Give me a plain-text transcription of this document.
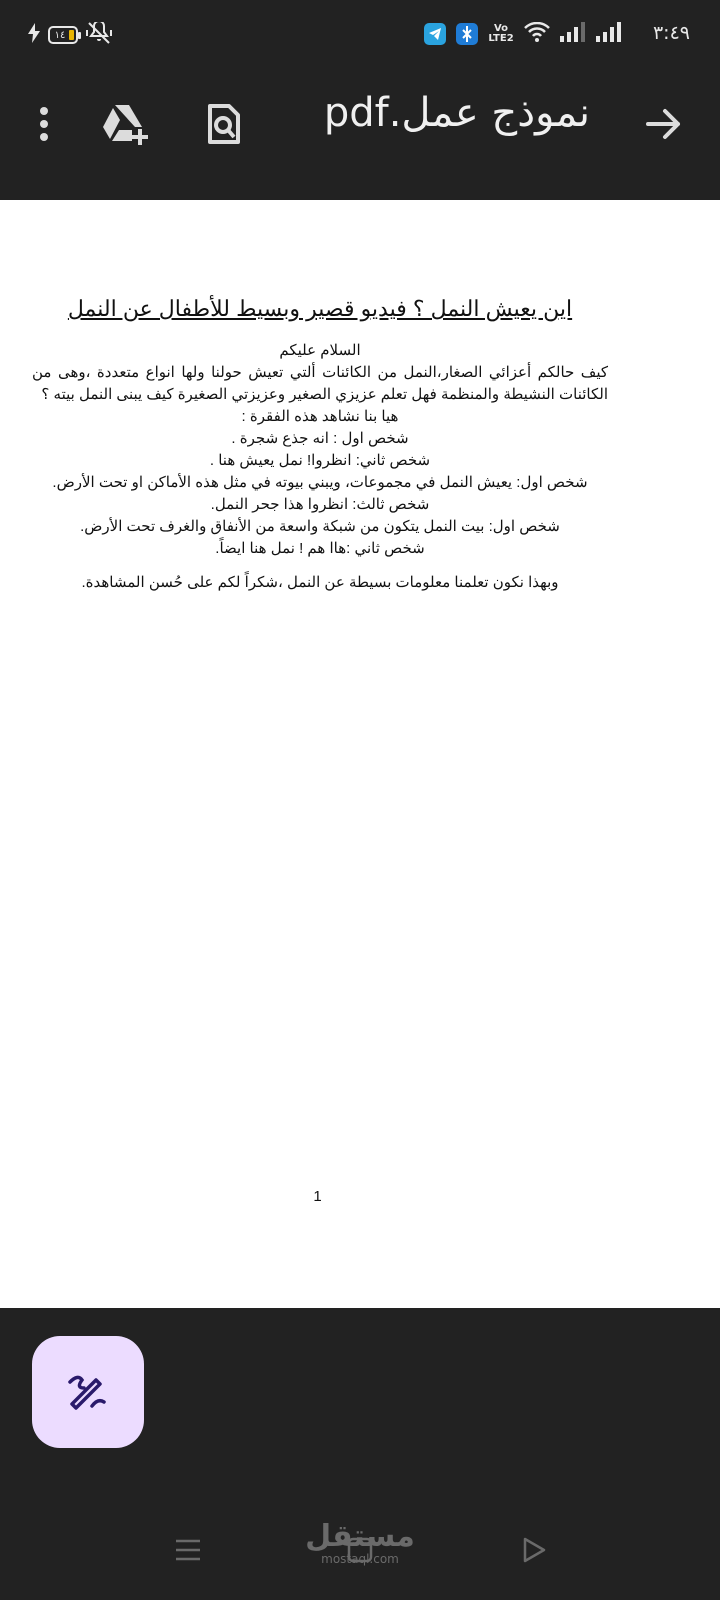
١٤
Vo LTE2	٣:٤٩
نموذج عمل.pdf
اين يعيش النمل ؟ فيديو قصير وبسيط للأطفال عن النمل
السلام عليكم
كيف حالكم أعزائي الصغار،النمل من الكائنات ألتي تعيش حولنا ولها انواع متعددة ،وهى من الكائنات النشيطة والمنظمة فهل تعلم عزيزي الصغير وعزيزتي الصغيرة كيف يبنى النمل بيته ؟
هيا بنا نشاهد هذه الفقرة :
شخص اول : انه جذع شجرة .
شخص ثاني: انظروا! نمل يعيش هنا .
شخص اول: يعيش النمل في مجموعات، ويبني بيوته في مثل هذه الأماكن او تحت الأرض.
شخص ثالث: انظروا هذا جحر النمل.
شخص اول: بيت النمل يتكون من شبكة واسعة من الأنفاق والغرف تحت الأرض.
شخص ثاني :هاا هم ! نمل هنا ايضاً.
وبهذا نكون تعلمنا معلومات بسيطة عن النمل ،شكراً لكم على حُسن المشاهدة.
1
مستقل
mostaql.com
